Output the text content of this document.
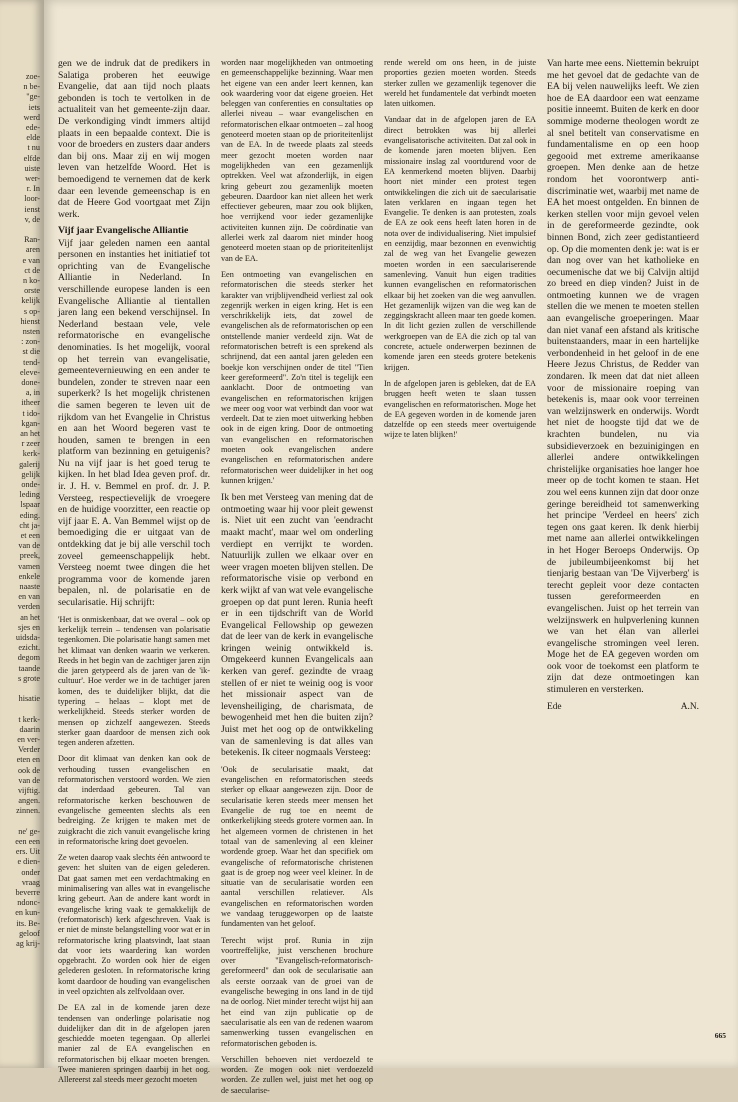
zoe-
n be-
"ge-
iets
werd
ede-
elde
t nu
elfde
uiste
wer-
r. In
loor-
ienst
v, de
Ran-
aren
e van
ct de
n ko-
orste
kelijk
s op-
hienst
nsten
: zon-
st die
tend-
eleve-
done-
a, in
itheer
t ido-
kgan-
an het
r zeer
kerk-
galerij
gelijk
onde-
leding
lspaar
eding.
cht ja-
et een
van de
preek,
vamen
enkele
naaste
en van
verden
an het
sjes en
uidsda-
ezicht.
degom
taande
s grote
hisatie
t kerk-
daarin
en ver-
Verder
eten en
ook de
van de
vijftig.
angen.
zinnen.
ne' ge-
een een
ers. Uit
e dien-
onder
vraag
beverre
ndonc-
en kun-
its. Be-
geloof
ag krij-

gen we de indruk dat de predikers in Salatiga proberen het eeuwige Evangelie, dat aan tijd noch plaats gebonden is toch te vertolken in de actualiteit van het gemeente-zijn daar. De verkondiging vindt immers altijd plaats in een bepaalde context. Die is voor de broeders en zusters daar anders dan bij ons. Maar zij en wij mogen leven van hetzelfde Woord. Het is bemoedigend te vernemen dat de kerk daar een levende gemeenschap is en dat de Heere God voortgaat met Zijn werk.

Vijf jaar Evangelische Alliantie

Vijf jaar geleden namen een aantal personen en instanties het initiatief tot oprichting van de Evangelische Alliantie in Nederland. In verschillende europese landen is een Evangelische Alliantie al tientallen jaren lang een bekend verschijnsel. In Nederland bestaan vele, vele reformatorische en evangelische denominaties. Is het mogelijk, vooral op het terrein van evangelisatie, gemeentevernieuwing en een ander te bundelen, zonder te streven naar een superkerk? Is het mogelijk christenen die samen begeren te leven uit de rijkdom van het Evangelie in Christus en aan het Woord begeren vast te houden, samen te brengen in een platform van bezinning en getuigenis? Nu na vijf jaar is het goed terug te kijken. In het blad Idea geven prof. dr. ir. J. H. v. Bemmel en prof. dr. J. P. Versteeg, respectievelijk de vroegere en de huidige voorzitter, een reactie op vijf jaar E. A. Van Bemmel wijst op de bemoediging die er uitgaat van de ontdekking dat je bij alle verschil toch zoveel gemeenschappelijk hebt. Versteeg noemt twee dingen die het programma voor de komende jaren bepalen, nl. de polarisatie en de secularisatie. Hij schrijft:

'Het is onmiskenbaar, dat we overal – ook op kerkelijk terrein – tendensen van polarisatie tegenkomen. Die polarisatie hangt samen met het klimaat van denken waarin we verkeren. Reeds in het begin van de zachtiger jaren zijn die jaren getypeerd als de jaren van de 'ik-cultuur'. Hoe verder we in de tachtiger jaren komen, des te duidelijker blijkt, dat die typering – helaas – klopt met de werkelijkheid. Steeds sterker worden de mensen op zichzelf aangewezen. Steeds sterker gaan daardoor de mensen zich ook tegen anderen afzetten.

Door dit klimaat van denken kan ook de verhouding tussen evangelischen en reformatorischen verstoord worden. We zien dat inderdaad gebeuren. Tal van reformatorische kerken beschouwen de evangelische gemeenten slechts als een bedreiging. Ze krijgen te maken met de zuigkracht die zich vanuit evangelische kring in reformatorische kring doet gevoelen.

Ze weten daarop vaak slechts één antwoord te geven: het sluiten van de eigen gelederen. Dat gaat samen met een verdachtmaking en minimalisering van alles wat in evangelische kring gebeurt. Aan de andere kant wordt in evangelische kring vaak te gemakkelijk de (reformatorisch) kerk afgeschreven. Vaak is er niet de minste belangstelling voor wat er in reformatorische kring plaatsvindt, laat staan dat voor iets waardering kan worden opgebracht. Zo worden ook hier de eigen gelederen gesloten. In reformatorische kring komt daardoor de houding van evangelischen in veel opzichten als zelfvoldaan over.

De EA zal in de komende jaren deze tendensen van onderlinge polarisatie nog duidelijker dan dit in de afgelopen jaren geschiedde moeten tegengaan. Op allerlei manier zal de EA evangelischen en reformatorischen bij elkaar moeten brengen. Twee manieren springen daarbij in het oog. Allereerst zal steeds meer gezocht moeten

worden naar mogelijkheden van ontmoeting en gemeenschappelijke bezinning. Waar men het eigene van een ander leert kennen, kan ook waardering voor dat eigene groeien. Het beleggen van conferenties en consultaties op allerlei niveau – waar evangelischen en reformatorischen elkaar ontmoeten – zal hoog genoteerd moeten staan op de prioriteitenlijst van de EA. In de tweede plaats zal steeds meer gezocht moeten worden naar mogelijkheden van een gezamenlijk optrekken. Veel wat afzonderlijk, in eigen kring gebeurt zou gezamenlijk moeten gebeuren. Daardoor kan niet alleen het werk effectiever gebeuren, maar zou ook blijken, hoe verrijkend voor ieder gezamenlijke activiteiten kunnen zijn. De coördinatie van allerlei werk zal daarom niet minder hoog genoteerd moeten staan op de prioriteitenlijst van de EA.

Een ontmoeting van evangelischen en reformatorischen die steeds sterker het karakter van vrijblijvendheid verliest zal ook zegenrijk werken in eigen kring. Het is een verschrikkelijk iets, dat zowel de evangelischen als de reformatorischen op een ontstellende manier verdeeld zijn. Wat de reformatorischen betreft is een sprekend als schrijnend, dat een aantal jaren geleden een boekje kon verschijnen onder de titel "Tien keer gereformeerd". Zo'n titel is tegelijk een aanklacht. Door de ontmoeting van evangelischen en reformatorischen krijgen we meer oog voor wat verbindt dan voor wat verdeelt. Dat te zien moet uitwerking hebben ook in de eigen kring. Door de ontmoeting van evangelischen en reformatorischen moeten ook evangelischen andere evangelischen en reformatorischen andere reformatorischen weer duidelijker in het oog kunnen krijgen.'

Ik ben met Versteeg van mening dat de ontmoeting waar hij voor pleit gewenst is. Niet uit een zucht van 'eendracht maakt macht', maar wel om onderling verdiept en verrijkt te worden. Natuurlijk zullen we elkaar over en weer vragen moeten blijven stellen. De reformatorische visie op verbond en kerk wijkt af van wat vele evangelische groepen op dat punt leren. Runia heeft er in een tijdschrift van de World Evangelical Fellowship op gewezen dat de leer van de kerk in evangelische kringen weinig ontwikkeld is. Omgekeerd kunnen Evangelicals aan kerken van geref. gezindte de vraag stellen of er niet te weinig oog is voor het missionair aspect van de levensheiliging, de charismata, de bewogenheid met hen die buiten zijn? Juist met het oog op de ontwikkeling van de samenleving is dat alles van betekenis. Ik citeer nogmaals Versteeg:

'Ook de secularisatie maakt, dat evangelischen en reformatorischen steeds sterker op elkaar aangewezen zijn. Door de secularisatie keren steeds meer mensen het Evangelie de rug toe en neemt de ontkerkelijking steeds grotere vormen aan. In het algemeen vormen de christenen in het totaal van de samenleving al een kleiner wordende groep. Waar het dan specifiek om evangelische of reformatorische christenen gaat is de groep nog weer veel kleiner. In de situatie van de secularisatie worden een aantal verschillen relatiever. Als evangelischen en reformatorischen worden we vandaag teruggeworpen op de laatste fundamenten van het geloof.

Terecht wijst prof. Runia in zijn voortreffelijke, juist verschenen brochure over "Evangelisch-reformatorisch-gereformeerd" dan ook de secularisatie aan als eerste oorzaak van de groei van de evangelische beweging in ons land in de tijd na de oorlog. Niet minder terecht wijst hij aan het eind van zijn publicatie op de saecularisatie als een van de redenen waarom samenwerking tussen evangelischen en reformatorischen geboden is.

Verschillen behoeven niet verdoezeld te worden. Ze mogen ook niet verdoezeld worden. Ze zullen wel, juist met het oog op de saecularise-

rende wereld om ons heen, in de juiste proporties gezien moeten worden. Steeds sterker zullen we gezamenlijk tegenover die wereld het fundamentele dat verbindt moeten laten uitkomen.

Vandaar dat in de afgelopen jaren de EA direct betrokken was bij allerlei evangelisatorische activiteiten. Dat zal ook in de komende jaren moeten blijven. Een missionaire inslag zal voortdurend voor de EA kenmerkend moeten blijven. Daarbij hoort niet minder een protest tegen ontwikkelingen die zich uit de saecularisatie laten verklaren en ingaan tegen het Evangelie. Te denken is aan protesten, zoals de EA ze ook eens heeft laten horen in de nota over de individualisering. Niet impulsief en eenzijdig, maar bezonnen en evenwichtig zal de weg van het Evangelie gewezen moeten worden in een saeculariserende samenleving. Vanuit hun eigen tradities kunnen evangelischen en reformatorischen elkaar bij het zoeken van die weg aanvullen. Het gezamenlijk wijzen van die weg kan de zeggingskracht alleen maar ten goede komen. In dit licht gezien zullen de verschillende werkgroepen van de EA die zich op tal van concrete, actuele onderwerpen bezinnen de komende jaren een steeds grotere betekenis krijgen.

In de afgelopen jaren is gebleken, dat de EA bruggen heeft weten te slaan tussen evangelischen en reformatorischen. Moge het de EA gegeven worden in de komende jaren datzelfde op een steeds meer overtuigende wijze te laten blijken!'

Van harte mee eens. Niettemin bekruipt me het gevoel dat de gedachte van de EA bij velen nauwelijks leeft. We zien hoe de EA daardoor een wat eenzame positie inneemt. Buiten de kerk en door sommige moderne theologen wordt ze al snel betitelt van conservatisme en fundamentalisme en op een hoop gegooid met extreme amerikaanse groepen. Men denke aan de hetze rondom het voorontwerp anti-discriminatie wet, waarbij met name de EA het moest ontgelden. En binnen de kerken stellen voor mijn gevoel velen in de gereformeerde gezindte, ook binnen Bond, zich zeer gedistantieerd op. Op die momenten denk je: wat is er dan nog over van het katholieke en oecumenische dat we bij Calvijn altijd zo breed en diep vinden? Juist in de ontmoeting kunnen we de vragen stellen die we menen te moeten stellen aan evangelische groeperingen. Maar dan niet vanaf een afstand als kritische buitenstaanders, maar in een hartelijke verbondenheid in het geloof in de ene Heere Jezus Christus, de Redder van zondaren. Ik meen dat dat niet alleen voor de missionaire roeping van betekenis is, maar ook voor terreinen van welzijnswerk en onderwijs. Wordt het niet de hoogste tijd dat we de krachten bundelen, nu via subsidieverzoek en bezuinigingen en allerlei andere ontwikkelingen christelijke organisaties hoe langer hoe meer op de tocht komen te staan. Het zou wel eens kunnen zijn dat door onze geringe bereidheid tot samenwerking het principe 'Verdeel en heers' zich tegen ons gaat keren. Ik denk hierbij met name aan allerlei ontwikkelingen in het Hoger Beroeps Onderwijs. Op de jubileumbijeenkomst bij het tienjarig bestaan van 'De Vijverberg' is terecht gepleit voor deze contacten tussen gereformeerden en evangelischen. Juist op het terrein van welzijnswerk en hulpverlening kunnen we van het élan van allerlei evangelische stromingen veel leren. Moge het de EA gegeven worden om ook voor de toekomst een platform te zijn dat deze ontmoetingen kan stimuleren en versterken.

Ede	A.N.
665
